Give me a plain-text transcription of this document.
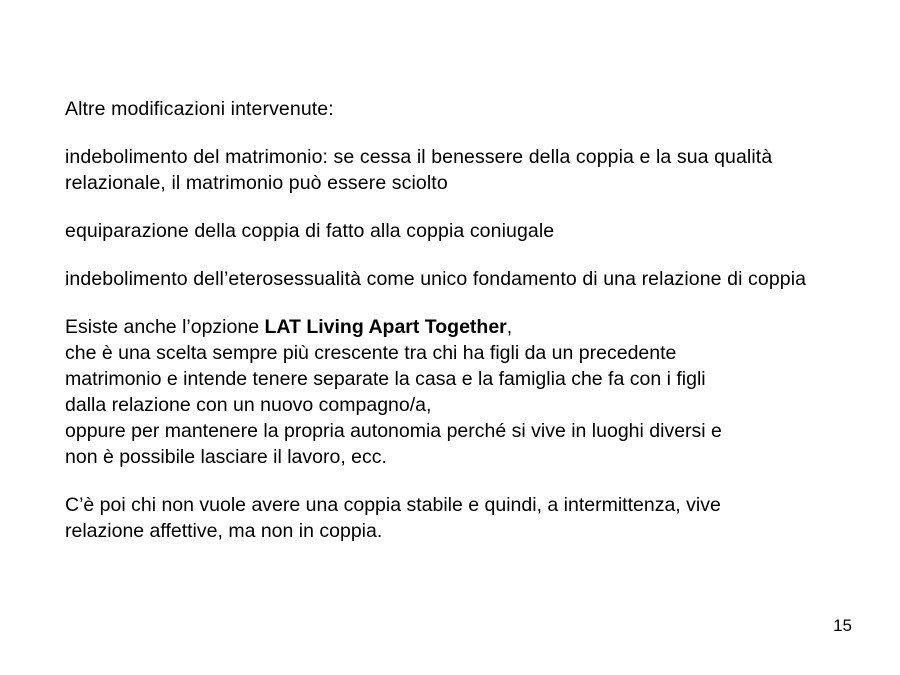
Altre modificazioni intervenute:

indebolimento del matrimonio: se cessa il benessere della coppia e la sua qualità relazionale, il matrimonio può essere sciolto

equiparazione della coppia di fatto alla coppia coniugale

indebolimento dell’eterosessualità come unico fondamento di una relazione di coppia

Esiste anche l’opzione LAT Living Apart Together,
che è una scelta sempre più crescente tra chi ha figli da un precedente
matrimonio e intende tenere separate la casa e la famiglia che fa con i figli
dalla relazione con un nuovo compagno/a,
oppure per mantenere la propria autonomia perché si vive in luoghi diversi e
non è possibile lasciare il lavoro, ecc.
C’è poi chi non vuole avere una coppia stabile e quindi, a intermittenza, vive
relazione affettive, ma non in coppia.
15
